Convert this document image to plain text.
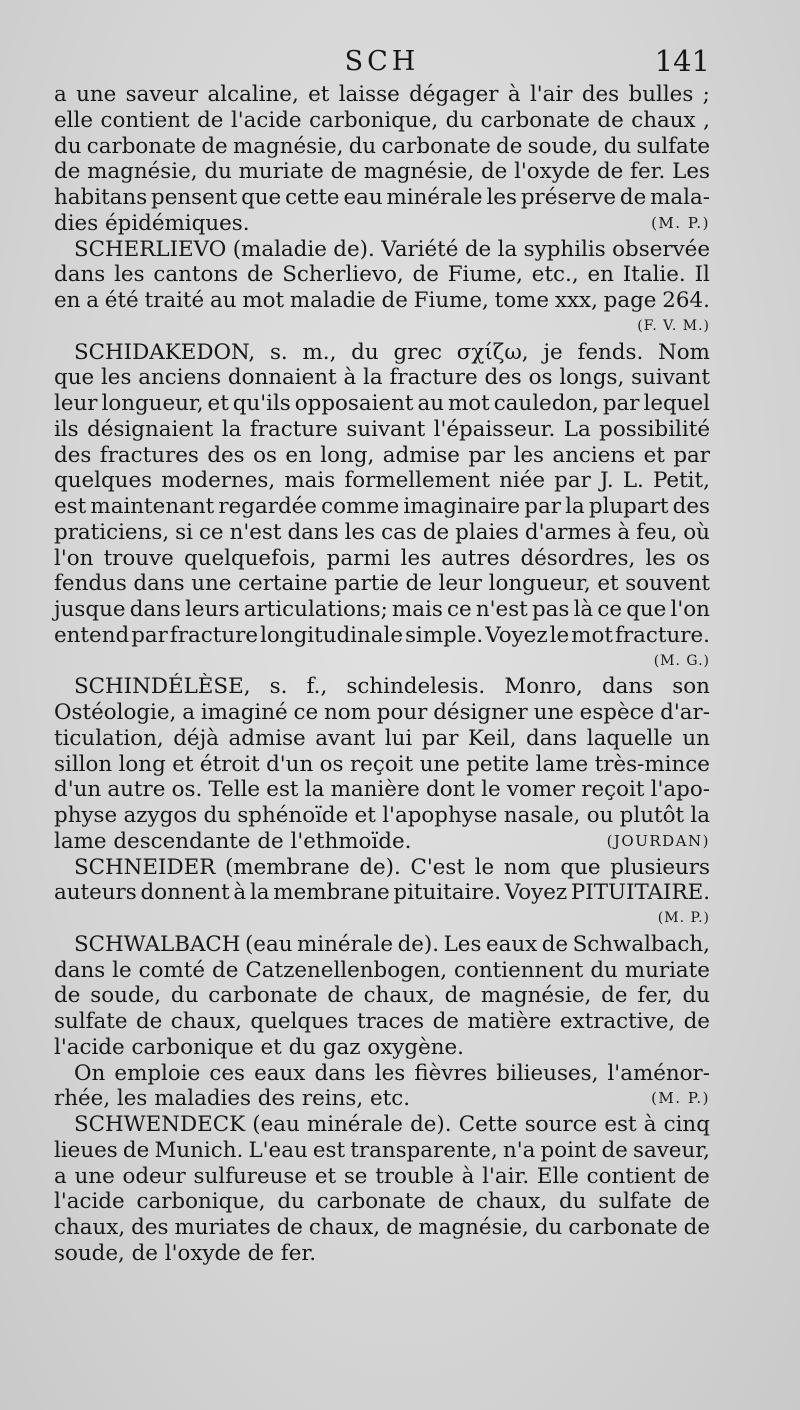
SCH	141
a une saveur alcaline, et laisse dégager à l'air des bulles ;
elle contient de l'acide carbonique, du carbonate de chaux ,
du carbonate de magnésie, du carbonate de soude, du sulfate
de magnésie, du muriate de magnésie, de l'oxyde de fer. Les
habitans pensent que cette eau minérale les préserve de mala-
dies épidémiques.	(M. P.)
SCHERLIEVO (maladie de). Variété de la syphilis observée
dans les cantons de Scherlievo, de Fiume, etc., en Italie. Il
en a été traité au mot maladie de Fiume, tome xxx, page 264.
(F. V. M.)
SCHIDAKEDON, s. m., du grec σχίζω, je fends. Nom
que les anciens donnaient à la fracture des os longs, suivant
leur longueur, et qu'ils opposaient au mot cauledon, par lequel
ils désignaient la fracture suivant l'épaisseur. La possibilité
des fractures des os en long, admise par les anciens et par
quelques modernes, mais formellement niée par J. L. Petit,
est maintenant regardée comme imaginaire par la plupart des
praticiens, si ce n'est dans les cas de plaies d'armes à feu, où
l'on trouve quelquefois, parmi les autres désordres, les os
fendus dans une certaine partie de leur longueur, et souvent
jusque dans leurs articulations; mais ce n'est pas là ce que l'on
entend par fracture longitudinale simple. Voyez le mot fracture.
(M. G.)
SCHINDÉLÈSE, s. f., schindelesis. Monro, dans son
Ostéologie, a imaginé ce nom pour désigner une espèce d'ar-
ticulation, déjà admise avant lui par Keil, dans laquelle un
sillon long et étroit d'un os reçoit une petite lame très-mince
d'un autre os. Telle est la manière dont le vomer reçoit l'apo-
physe azygos du sphénoïde et l'apophyse nasale, ou plutôt la
lame descendante de l'ethmoïde.	(JOURDAN)
SCHNEIDER (membrane de). C'est le nom que plusieurs
auteurs donnent à la membrane pituitaire. Voyez PITUITAIRE.
(M. P.)
SCHWALBACH (eau minérale de). Les eaux de Schwalbach,
dans le comté de Catzenellenbogen, contiennent du muriate
de soude, du carbonate de chaux, de magnésie, de fer, du
sulfate de chaux, quelques traces de matière extractive, de
l'acide carbonique et du gaz oxygène.
On emploie ces eaux dans les fièvres bilieuses, l'aménor-
rhée, les maladies des reins, etc.	(M. P.)
SCHWENDECK (eau minérale de). Cette source est à cinq
lieues de Munich. L'eau est transparente, n'a point de saveur,
a une odeur sulfureuse et se trouble à l'air. Elle contient de
l'acide carbonique, du carbonate de chaux, du sulfate de
chaux, des muriates de chaux, de magnésie, du carbonate de
soude, de l'oxyde de fer.
